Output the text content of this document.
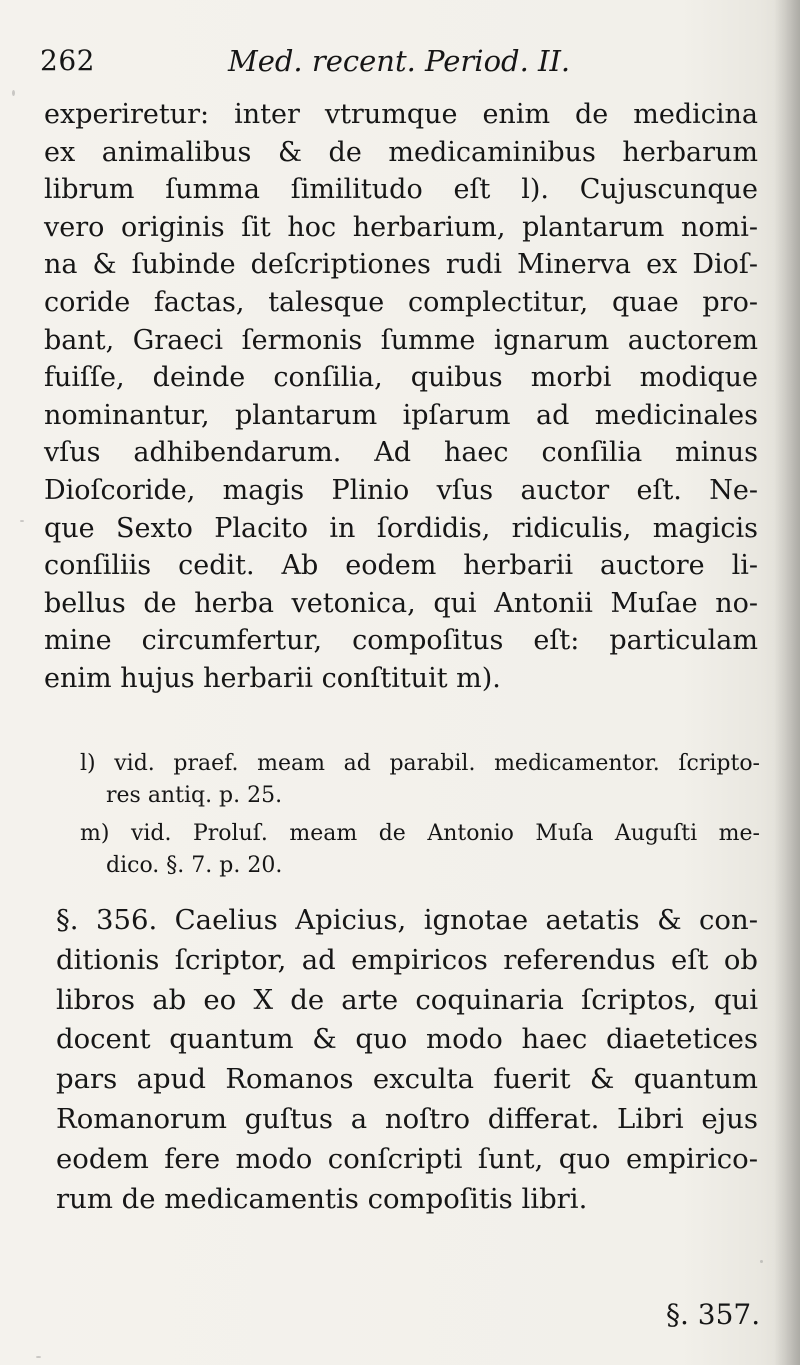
262	Med. recent. Period. II.
experiretur: inter vtrumque enim de medicina
ex animalibus & de medicaminibus herbarum
librum ſumma ſimilitudo eſt l). Cujuscunque
vero originis ſit hoc herbarium, plantarum nomi-
na & ſubinde deſcriptiones rudi Minerva ex Dioſ-
coride factas, talesque complectitur, quae pro-
bant, Graeci ſermonis ſumme ignarum auctorem
fuiſſe, deinde conſilia, quibus morbi modique
nominantur, plantarum ipſarum ad medicinales
vſus adhibendarum. Ad haec conſilia minus
Dioſcoride, magis Plinio vſus auctor eſt. Ne-
que Sexto Placito in ſordidis, ridiculis, magicis
conſiliis cedit. Ab eodem herbarii auctore li-
bellus de herba vetonica, qui Antonii Muſae no-
mine circumfertur, compoſitus eſt: particulam
enim hujus herbarii conſtituit m).
l) vid. praef. meam ad parabil. medicamentor. ſcripto-
res antiq. p. 25.
m) vid. Proluſ. meam de Antonio Muſa Auguſti me-
dico. §. 7. p. 20.
§. 356. Caelius Apicius, ignotae aetatis & con-
ditionis ſcriptor, ad empiricos referendus eſt ob
libros ab eo X de arte coquinaria ſcriptos, qui
docent quantum & quo modo haec diaetetices
pars apud Romanos exculta fuerit & quantum
Romanorum guſtus a noſtro differat. Libri ejus
eodem fere modo conſcripti ſunt, quo empirico-
rum de medicamentis compoſitis libri.
§. 357.
